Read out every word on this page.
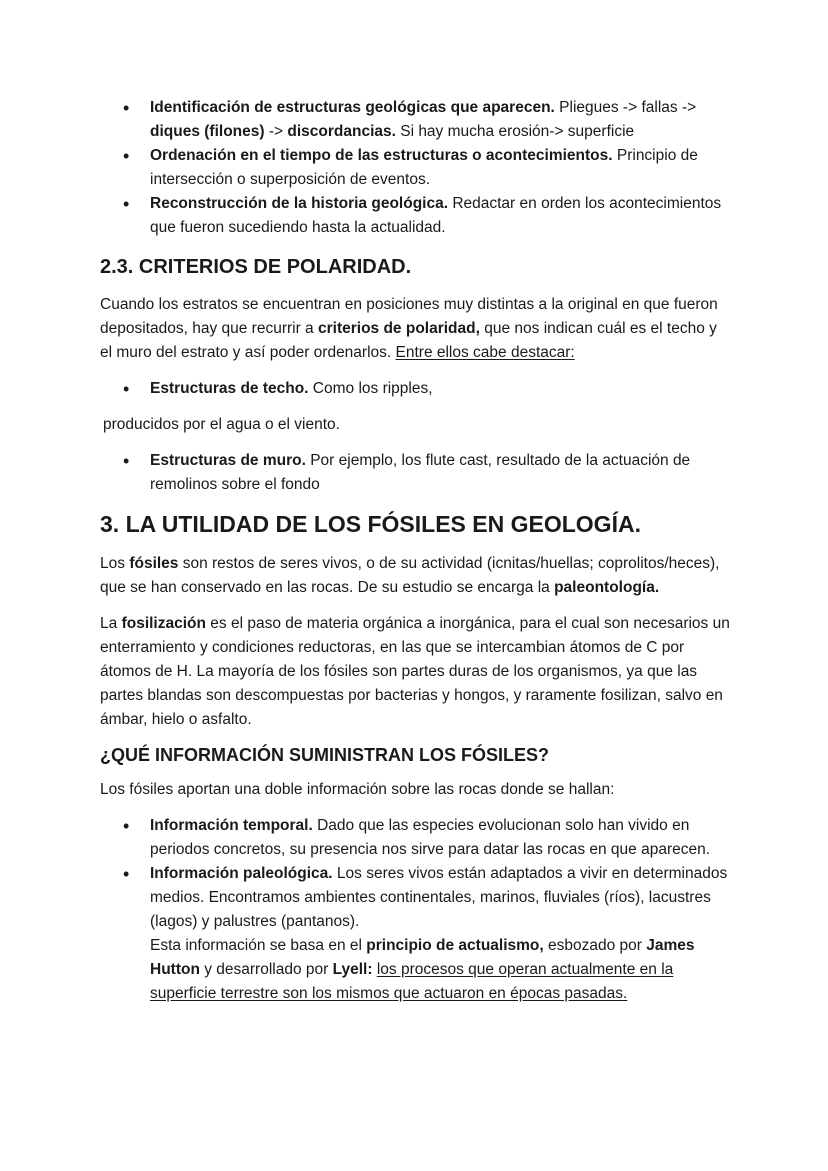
• Identificación de estructuras geológicas que aparecen. Pliegues -> fallas -> diques (filones) -> discordancias. Si hay mucha erosión-> superficie
• Ordenación en el tiempo de las estructuras o acontecimientos. Principio de intersección o superposición de eventos.
• Reconstrucción de la historia geológica. Redactar en orden los acontecimientos que fueron sucediendo hasta la actualidad.
2.3. CRITERIOS DE POLARIDAD.

Cuando los estratos se encuentran en posiciones muy distintas a la original en que fueron depositados, hay que recurrir a criterios de polaridad, que nos indican cuál es el techo y el muro del estrato y así poder ordenarlos. Entre ellos cabe destacar:

• Estructuras de techo. Como los ripples,

producidos por el agua o el viento.

• Estructuras de muro. Por ejemplo, los flute cast, resultado de la actuación de remolinos sobre el fondo
3. LA UTILIDAD DE LOS FÓSILES EN GEOLOGÍA.

Los fósiles son restos de seres vivos, o de su actividad (icnitas/huellas; coprolitos/heces), que se han conservado en las rocas. De su estudio se encarga la paleontología.

La fosilización es el paso de materia orgánica a inorgánica, para el cual son necesarios un enterramiento y condiciones reductoras, en las que se intercambian átomos de C por átomos de H. La mayoría de los fósiles son partes duras de los organismos, ya que las partes blandas son descompuestas por bacterias y hongos, y raramente fosilizan, salvo en ámbar, hielo o asfalto.

¿QUÉ INFORMACIÓN SUMINISTRAN LOS FÓSILES?

Los fósiles aportan una doble información sobre las rocas donde se hallan:

• Información temporal. Dado que las especies evolucionan solo han vivido en periodos concretos, su presencia nos sirve para datar las rocas en que aparecen.
• Información paleológica. Los seres vivos están adaptados a vivir en determinados medios. Encontramos ambientes continentales, marinos, fluviales (ríos), lacustres (lagos) y palustres (pantanos).
Esta información se basa en el principio de actualismo, esbozado por James Hutton y desarrollado por Lyell: los procesos que operan actualmente en la superficie terrestre son los mismos que actuaron en épocas pasadas.
